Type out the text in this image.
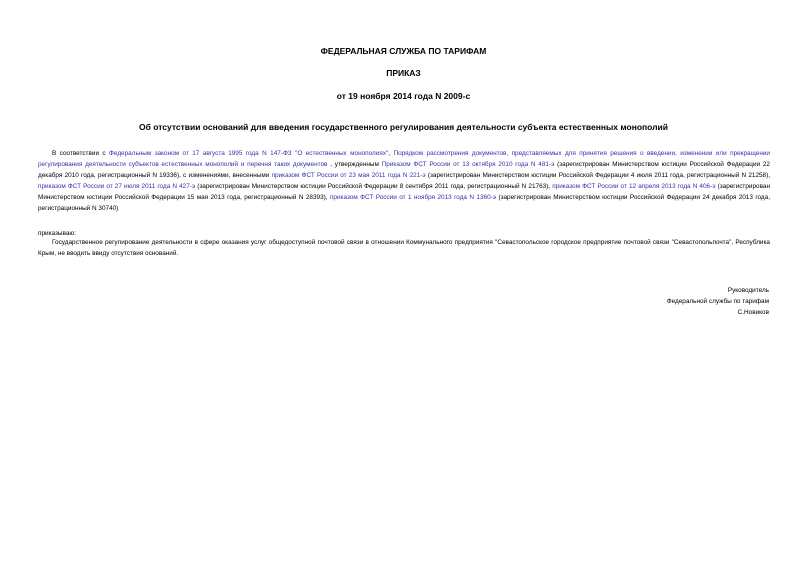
ФЕДЕРАЛЬНАЯ СЛУЖБА ПО ТАРИФАМ
ПРИКАЗ
от 19 ноября 2014 года N 2009-с
Об отсутствии оснований для введения государственного регулирования деятельности субъекта естественных монополий
В соответствии с Федеральным законом от 17 августа 1995 года N 147-ФЗ "О естественных монополиях", Порядком рассмотрения документов, представляемых для принятия решения о введении, изменении или прекращении регулирования деятельности субъектов естественных монополий и перечня таких документов , утвержденным Приказом ФСТ России от 13 октября 2010 года N 481-э (зарегистрирован Министерством юстиции Российской Федерации 22 декабря 2010 года, регистрационный N 19336), с изменениями, внесенными приказом ФСТ России от 23 мая 2011 года N 221-э (зарегистрирован Министерством юстиции Российской Федерации 4 июля 2011 года, регистрационный N 21258), приказом ФСТ России от 27 июля 2011 года N 427-э (зарегистрирован Министерством юстиции Российской Федерации 8 сентября 2011 года, регистрационный N 21763), приказом ФСТ России от 12 апреля 2013 года N 406-э (зарегистрирован Министерством юстиции Российской Федерации 15 мая 2013 года, регистрационный N 28393), приказом ФСТ России от 1 ноября 2013 года N 1360-э (зарегистрирован Министерством юстиции Российской Федерации 24 декабря 2013 года, регистрационный N 30740)
приказываю:
Государственное регулирование деятельности в сфере оказания услуг общедоступной почтовой связи в отношении Коммунального предприятия "Севастопольское городское предприятие почтовой связи "Севастопольпочта", Республика Крым, не вводить ввиду отсутствия оснований.
Руководитель
Федеральной службы по тарифам
С.Новиков
